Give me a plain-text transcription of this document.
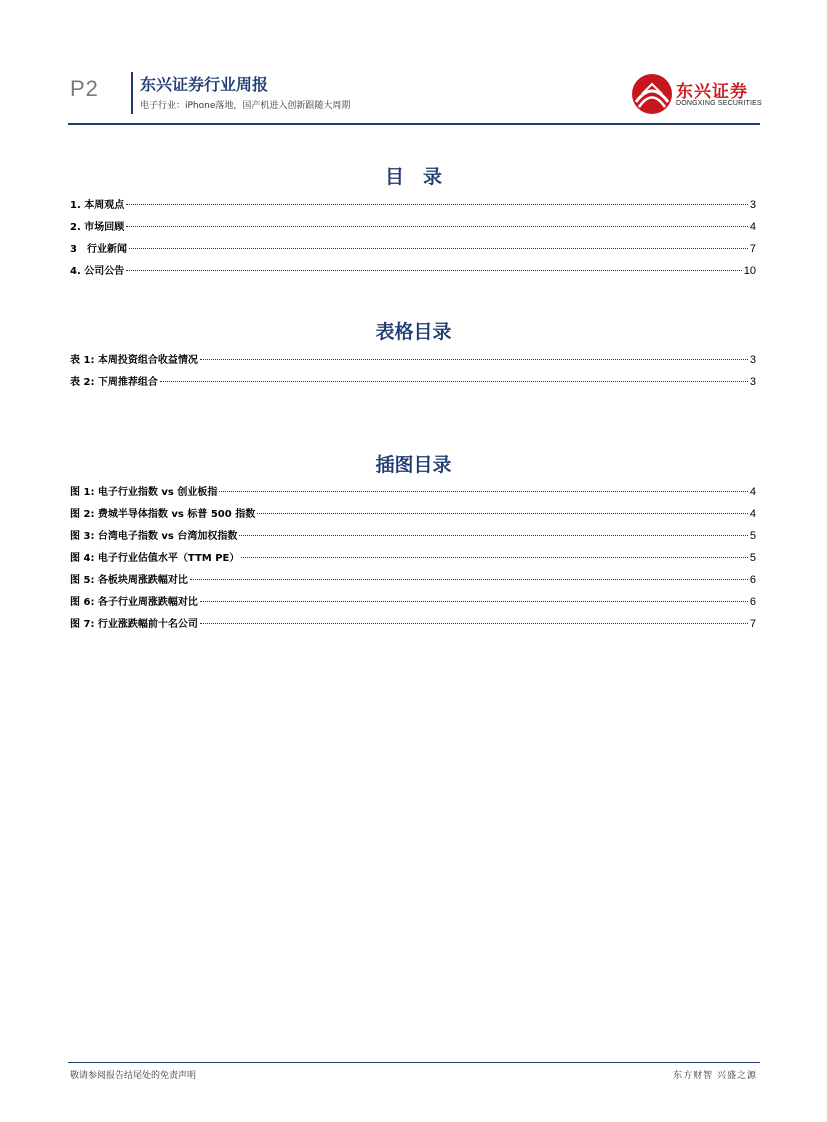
P2	东兴证券行业周报
电子行业：iPhone落地，国产机进入创新跟随大周期
东兴证券
DONGXING SECURITIES
目　录
1. 本周观点	3
2. 市场回顾	4
3　行业新闻	7
4. 公司公告	10
表格目录
表 1: 本周投资组合收益情况	3
表 2: 下周推荐组合	3
插图目录
图 1: 电子行业指数 vs 创业板指	4
图 2: 费城半导体指数 vs 标普 500 指数	4
图 3: 台湾电子指数 vs 台湾加权指数	5
图 4: 电子行业估值水平（TTM PE）	5
图 5: 各板块周涨跌幅对比	6
图 6: 各子行业周涨跌幅对比	6
图 7: 行业涨跌幅前十名公司	7
敬请参阅报告结尾处的免责声明	东方财智 兴盛之源
